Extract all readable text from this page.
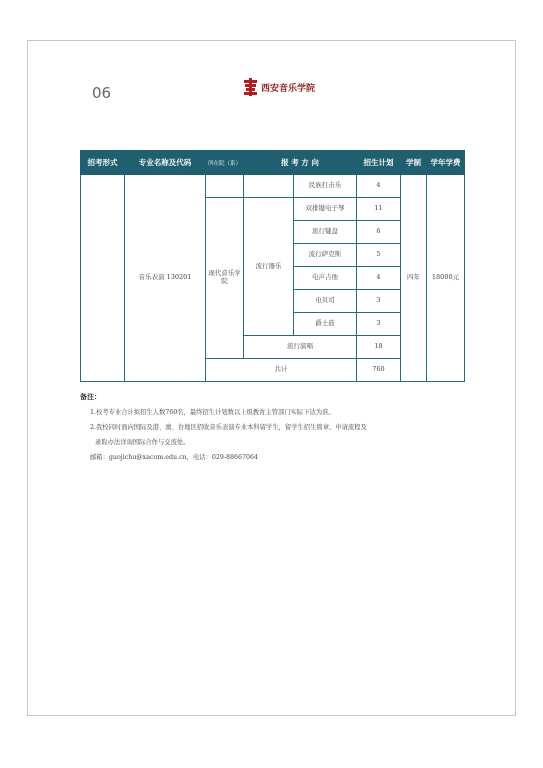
06	西安音乐学院
招考形式	专业名称及代码	所在院（系）	报 考 方 向		招生计划	学制	学年学费
	音乐表演 130201			民族打击乐	4	四年	18000元
		现代音乐学院	流行器乐	双排键电子琴	11		
				流行键盘	6		
				流行萨克斯	5		
				电声吉他	4		
				电贝司	3		
				爵士鼓	3		
			流行演唱		18		
		共计			760		
备注：
1.校考专业合计拟招生人数760名，最终招生计划数以上级教育主管部门实际下达为准。
2.我校同时面向国际及港、澳、台地区招收音乐表演专业本科留学生，留学生招生简章、申请流程及
录取办法详询国际合作与交流处。
邮箱：guojichu@xacom.edu.cn，电话：029-88667064
